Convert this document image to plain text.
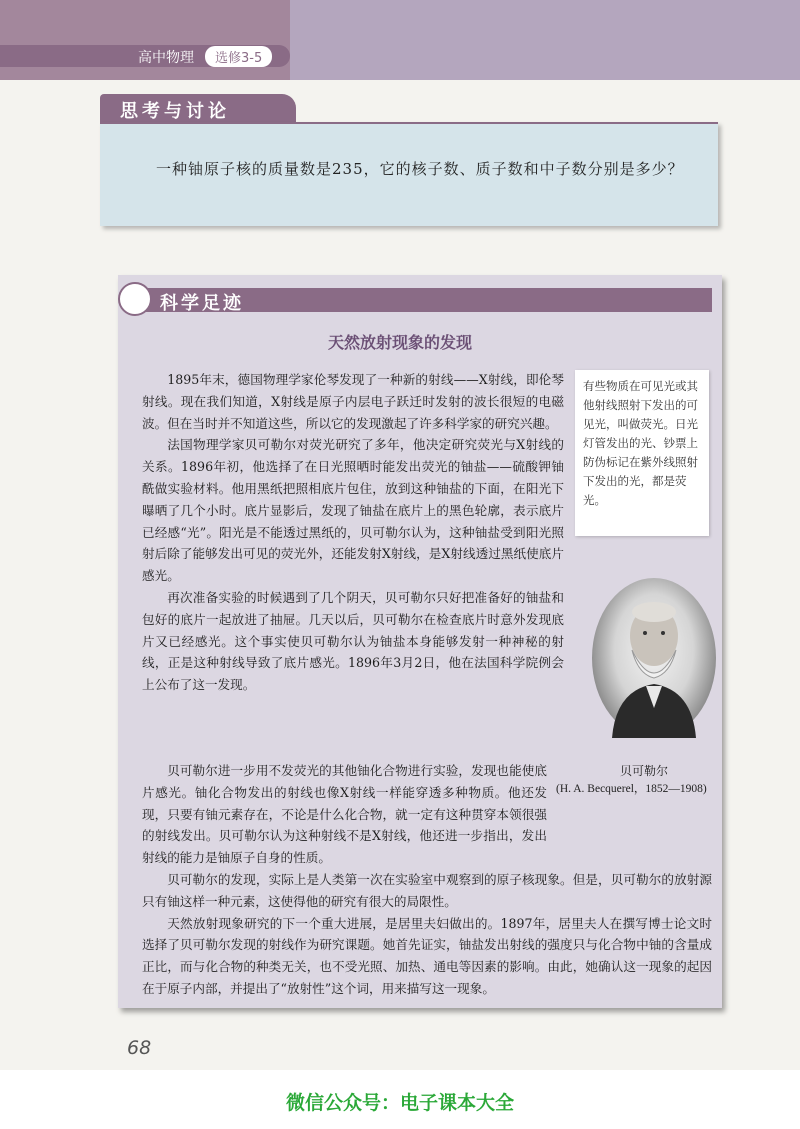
高中物理	选修3-5
思考与讨论
一种铀原子核的质量数是235，它的核子数、质子数和中子数分别是多少？
科学足迹
天然放射现象的发现

1895年末，德国物理学家伦琴发现了一种新的射线——X射线，即伦琴射线。现在我们知道，X射线是原子内层电子跃迁时发射的波长很短的电磁波。但在当时并不知道这些，所以它的发现激起了许多科学家的研究兴趣。

法国物理学家贝可勒尔对荧光研究了多年，他决定研究荧光与X射线的关系。1896年初，他选择了在日光照晒时能发出荧光的铀盐——硫酸钾铀酰做实验材料。他用黑纸把照相底片包住，放到这种铀盐的下面，在阳光下曝晒了几个小时。底片显影后，发现了铀盐在底片上的黑色轮廓，表示底片已经感“光”。阳光是不能透过黑纸的，贝可勒尔认为，这种铀盐受到阳光照射后除了能够发出可见的荧光外，还能发射X射线，是X射线透过黑纸使底片感光。

再次准备实验的时候遇到了几个阴天，贝可勒尔只好把准备好的铀盐和包好的底片一起放进了抽屉。几天以后，贝可勒尔在检查底片时意外发现底片又已经感光。这个事实使贝可勒尔认为铀盐本身能够发射一种神秘的射线，正是这种射线导致了底片感光。1896年3月2日，他在法国科学院例会上公布了这一发现。

贝可勒尔进一步用不发荧光的其他铀化合物进行实验，发现也能使底片感光。铀化合物发出的射线也像X射线一样能穿透多种物质。他还发现，只要有铀元素存在，不论是什么化合物，就一定有这种贯穿本领很强的射线发出。贝可勒尔认为这种射线不是X射线，他还进一步指出，发出射线的能力是铀原子自身的性质。

贝可勒尔的发现，实际上是人类第一次在实验室中观察到的原子核现象。但是，贝可勒尔的放射源只有铀这样一种元素，这使得他的研究有很大的局限性。

天然放射现象研究的下一个重大进展，是居里夫妇做出的。1897年，居里夫人在撰写博士论文时选择了贝可勒尔发现的射线作为研究课题。她首先证实，铀盐发出射线的强度只与化合物中铀的含量成正比，而与化合物的种类无关，也不受光照、加热、通电等因素的影响。由此，她确认这一现象的起因在于原子内部，并提出了“放射性”这个词，用来描写这一现象。

有些物质在可见光或其他射线照射下发出的可见光，叫做荧光。日光灯管发出的光、钞票上防伪标记在紫外线照射下发出的光，都是荧光。

贝可勒尔
(H. A. Becquerel，1852—1908)
68
微信公众号：电子课本大全
